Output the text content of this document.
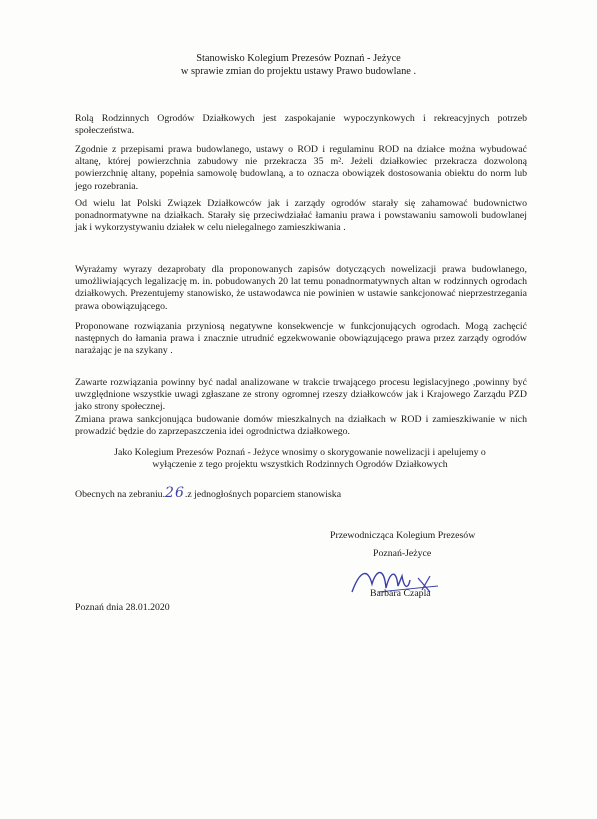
Stanowisko Kolegium Prezesów Poznań - Jeżyce
w sprawie zmian do projektu ustawy Prawo budowlane .
Rolą Rodzinnych Ogrodów Działkowych jest zaspokajanie wypoczynkowych i rekreacyjnych potrzeb społeczeństwa.
Zgodnie z przepisami prawa budowlanego, ustawy o ROD i regulaminu ROD na działce można wybudować altanę, której powierzchnia zabudowy nie przekracza 35 m². Jeżeli działkowiec przekracza dozwoloną powierzchnię altany, popełnia samowolę budowlaną, a to oznacza obowiązek dostosowania obiektu do norm lub jego rozebrania.
Od wielu lat Polski Związek Działkowców jak i zarządy ogrodów starały się zahamować budownictwo ponadnormatywne na działkach. Starały się przeciwdziałać łamaniu prawa i powstawaniu samowoli budowlanej jak i wykorzystywaniu działek w celu nielegalnego zamieszkiwania .
Wyrażamy wyrazy dezaprobaty dla proponowanych zapisów dotyczących nowelizacji prawa budowlanego, umożliwiających legalizację m. in. pobudowanych 20 lat temu ponadnormatywnych altan w rodzinnych ogrodach działkowych. Prezentujemy stanowisko, że ustawodawca nie powinien w ustawie sankcjonować nieprzestrzegania prawa obowiązującego.
Proponowane rozwiązania przyniosą negatywne konsekwencje w funkcjonujących ogrodach. Mogą zachęcić następnych do łamania prawa i znacznie utrudnić egzekwowanie obowiązującego prawa przez zarządy ogrodów narażając je na szykany .
Zawarte rozwiązania powinny być nadal analizowane w trakcie trwającego procesu legislacyjnego ,powinny być uwzględnione wszystkie uwagi zgłaszane ze strony ogromnej rzeszy działkowców jak i Krajowego Zarządu PZD jako strony społecznej.
Zmiana prawa sankcjonująca budowanie domów mieszkalnych na działkach w ROD i zamieszkiwanie w nich prowadzić będzie do zaprzepaszczenia idei ogrodnictwa działkowego.
Jako Kolegium Prezesów Poznań - Jeżyce wnosimy o skorygowanie nowelizacji i apelujemy o wyłączenie z tego projektu wszystkich Rodzinnych Ogrodów Działkowych
Obecnych na zebraniu.26.z jednogłośnych poparciem stanowiska
Przewodnicząca Kolegium Prezesów
Poznań-Jeżyce
Barbara Czapla
Poznań dnia 28.01.2020
